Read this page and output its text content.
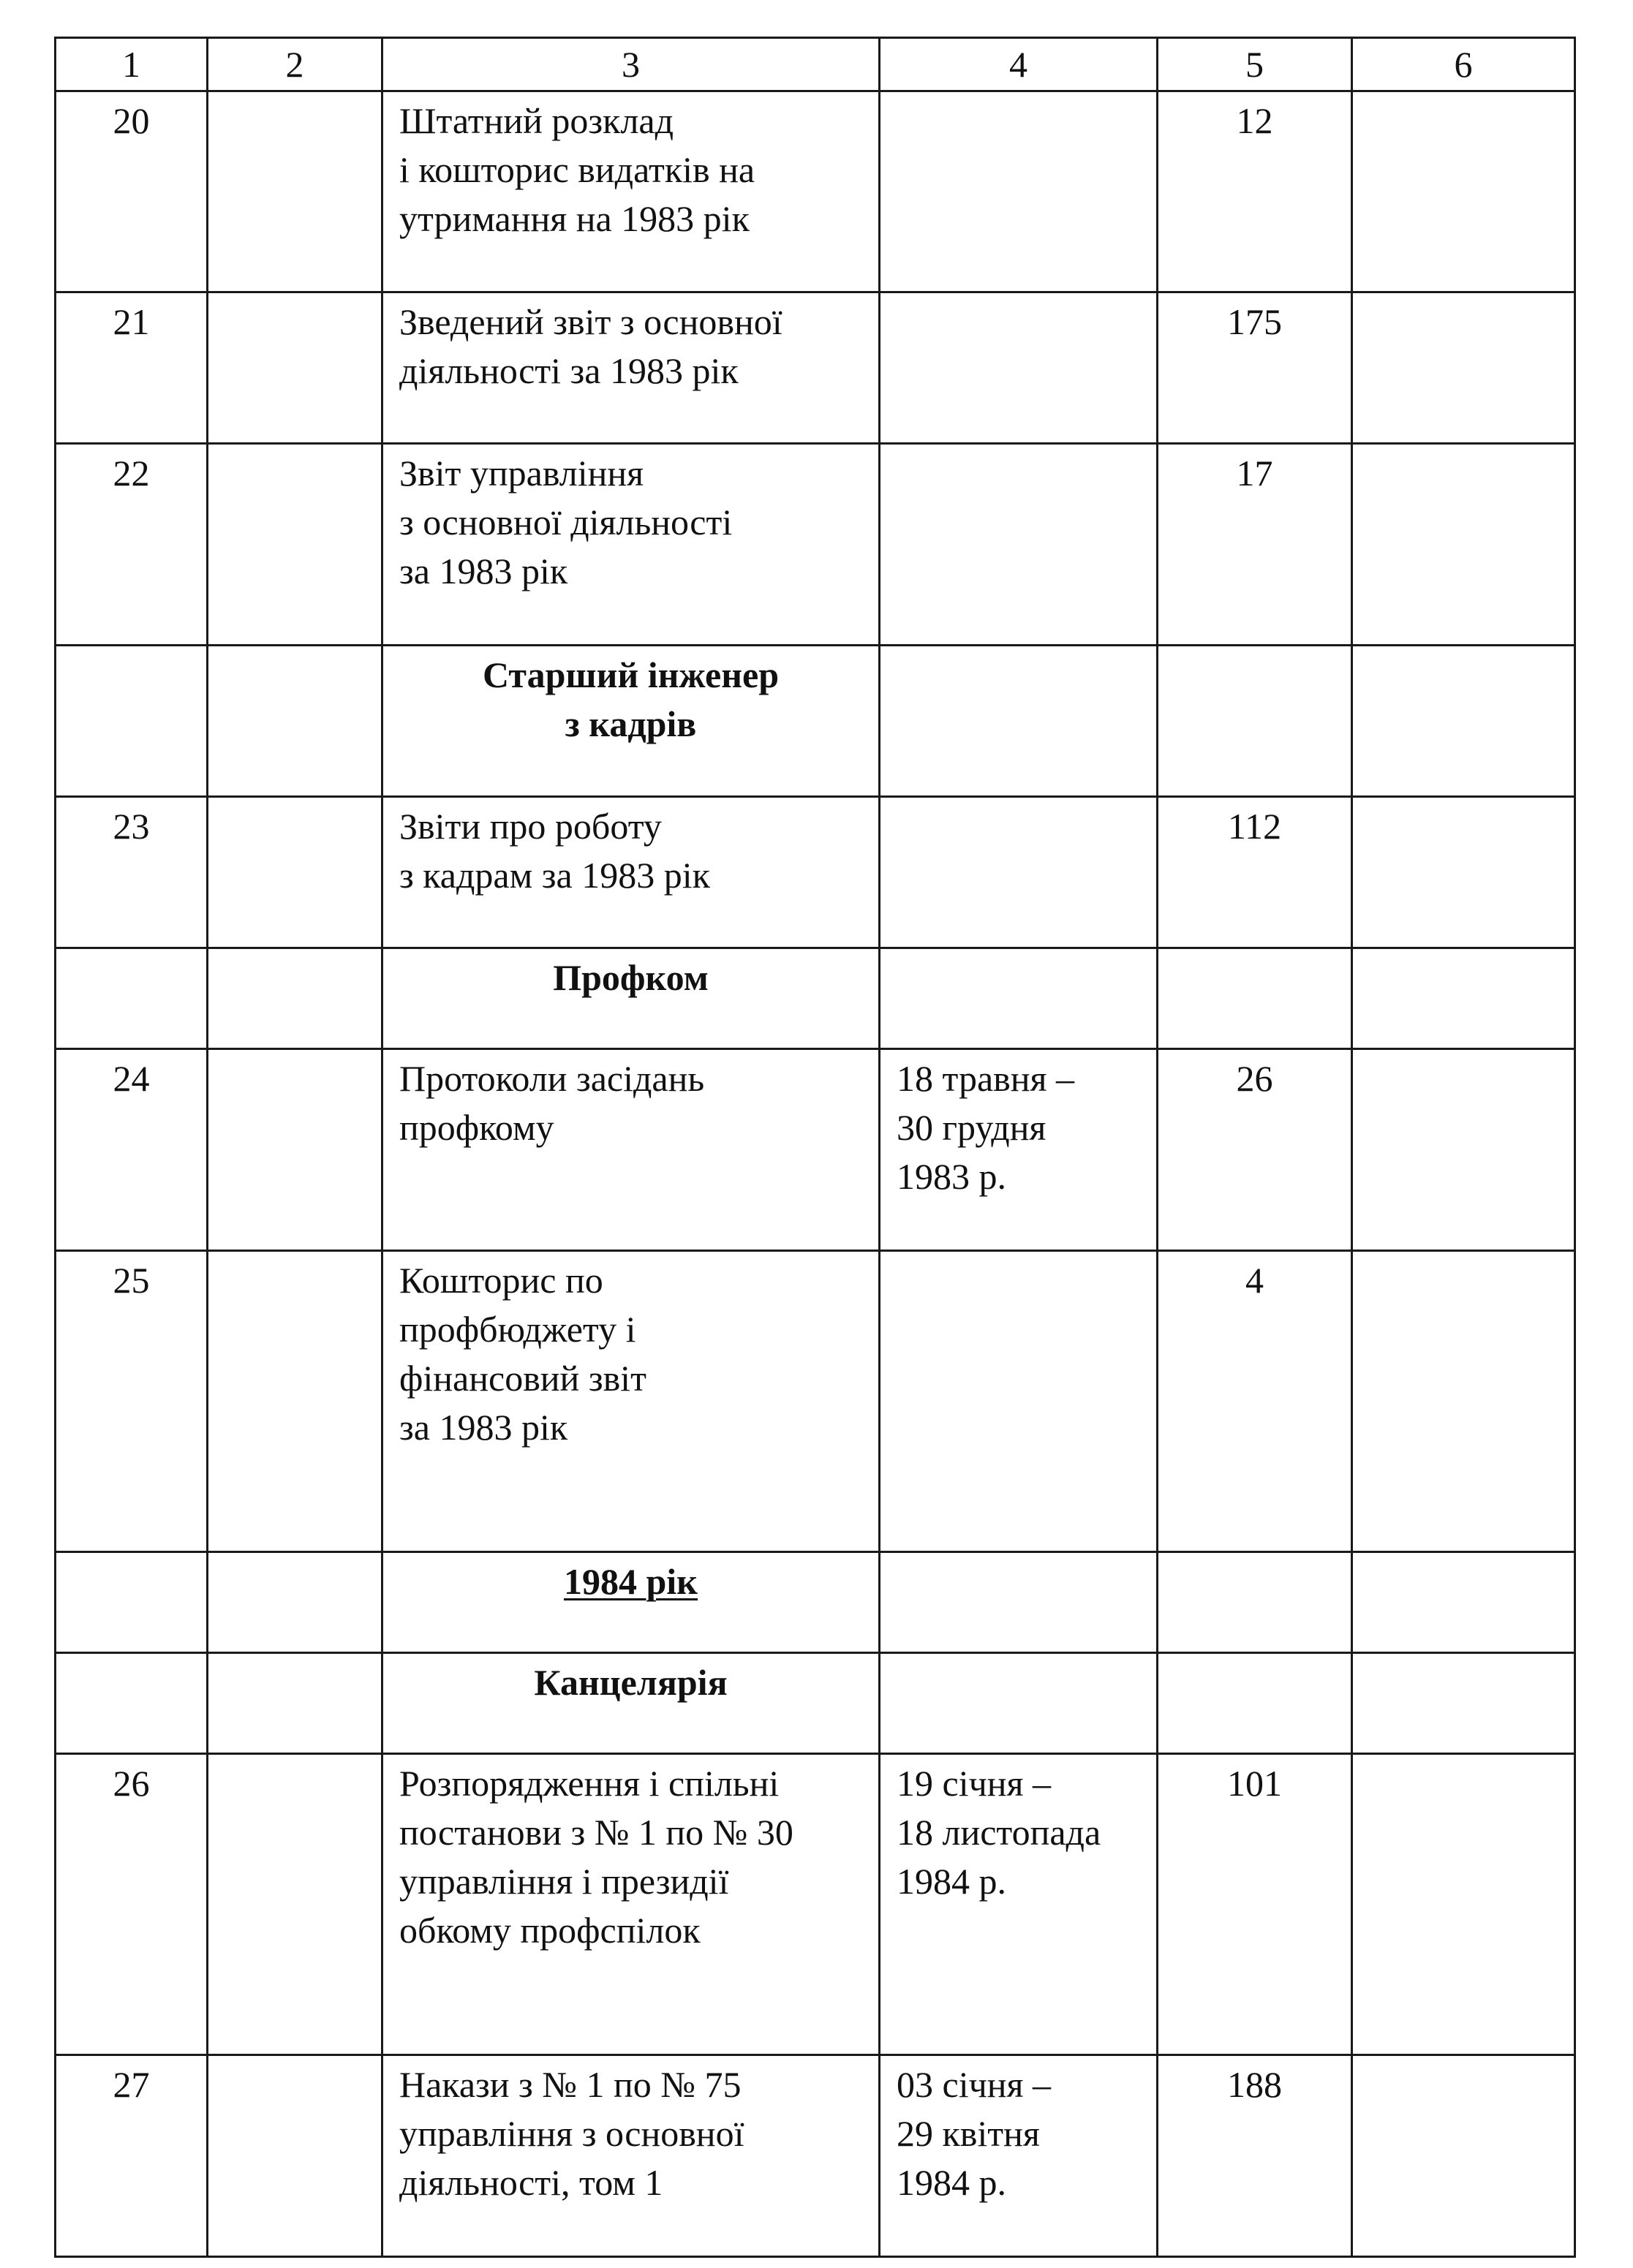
1	2	3	4	5	6
20		Штатний розклад
і кошторис видатків на
утримання на 1983 рік		12	
21		Зведений звіт з основної
діяльності за 1983 рік		175	
22		Звіт управління
з основної діяльності
за 1983 рік		17	
		Старший інженер
з кадрів			
23		Звіти про роботу
з кадрам за 1983 рік		112	
		Профком			
24		Протоколи засідань
профкому	18 травня –
30 грудня
1983 р.	26	
25		Кошторис по
профбюджету і
фінансовий звіт
за 1983 рік		4	
		1984 рік			
		Канцелярія			
26		Розпорядження і спільні
постанови з № 1 по № 30
управління і президії
обкому профспілок	19 січня –
18 листопада
1984 р.	101	
27		Накази з № 1 по № 75
управління з основної
діяльності, том 1	03 січня –
29 квітня
1984 р.	188	
